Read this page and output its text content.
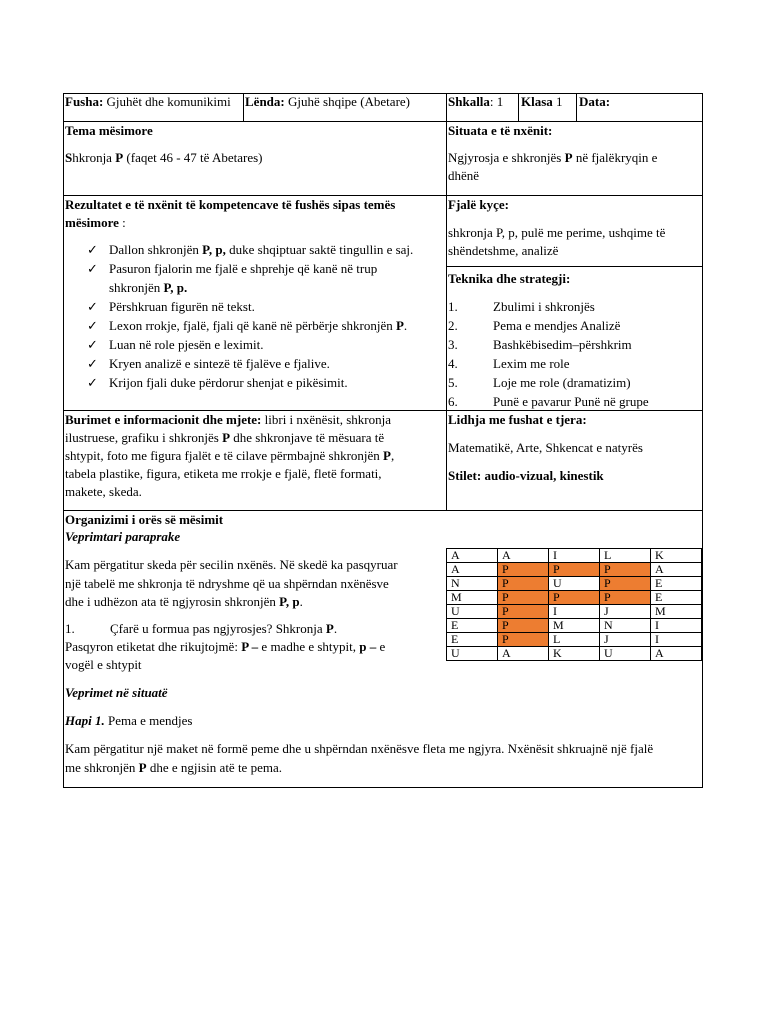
Fusha: Gjuhët dhe komunikimi Lënda: Gjuhë shqipe (Abetare)	Shkalla: 1 Klasa 1 Data:
Tema mësimore
Shkronja P (faqet 46 - 47 të Abetares)
Situata e të nxënit:
Ngjyrosja e shkronjës P në fjalëkryqin e
dhënë
Rezultatet e të nxënit të kompetencave të fushës sipas temës
mësimore :
✓ Dallon shkronjën P, p, duke shqiptuar saktë tingullin e saj.
✓ Pasuron fjalorin me fjalë e shprehje që kanë në trup
shkronjën P, p.
✓ Përshkruan figurën në tekst.
✓ Lexon rrokje, fjalë, fjali që kanë në përbërje shkronjën P.
✓ Luan në role pjesën e leximit.
✓ Kryen analizë e sintezë të fjalëve e fjalive.
✓ Krijon fjali duke përdorur shenjat e pikësimit.
Fjalë kyçe:
shkronja P, p, pulë me perime, ushqime të
shëndetshme, analizë
Teknika dhe strategji:
1.	Zbulimi i shkronjës
2.	Pema e mendjes Analizë
3.	Bashkëbisedim–përshkrim
4.	Lexim me role
5.	Loje me role (dramatizim)
6.	Punë e pavarur Punë në grupe
Burimet e informacionit dhe mjete: libri i nxënësit, shkronja
ilustruese, grafiku i shkronjës P dhe shkronjave të mësuara të
shtypit, foto me figura fjalët e të cilave përmbajnë shkronjën P,
tabela plastike, figura, etiketa me rrokje e fjalë, fletë formati,
makete, skeda.
Lidhja me fushat e tjera:
Matematikë, Arte, Shkencat e natyrës
Stilet: audio-vizual, kinestik
Organizimi i orës së mësimit
Veprimtari paraprake
Kam përgatitur skeda për secilin nxënës. Në skedë ka pasqyruar
një tabelë me shkronja të ndryshme që ua shpërndan nxënësve
dhe i udhëzon ata të ngjyrosin shkronjën P, p.
1.	Çfarë u formua pas ngjyrosjes? Shkronja P.
Pasqyron etiketat dhe rikujtojmë: P – e madhe e shtypit, p – e
vogël e shtypit
Veprimet në situatë
Hapi 1. Pema e mendjes
Kam përgatitur një maket në formë peme dhe u shpërndan nxënësve fleta me ngjyra. Nxënësit shkruajnë një fjalë
me shkronjën P dhe e ngjisin atë te pema.
A	A	I	L	K
A	P	P	P	A
N	P	U	P	E
M	P	P	P	E
U	P	I	J	M
E	P	M	N	I
E	P	L	J	I
U	A	K	U	A
